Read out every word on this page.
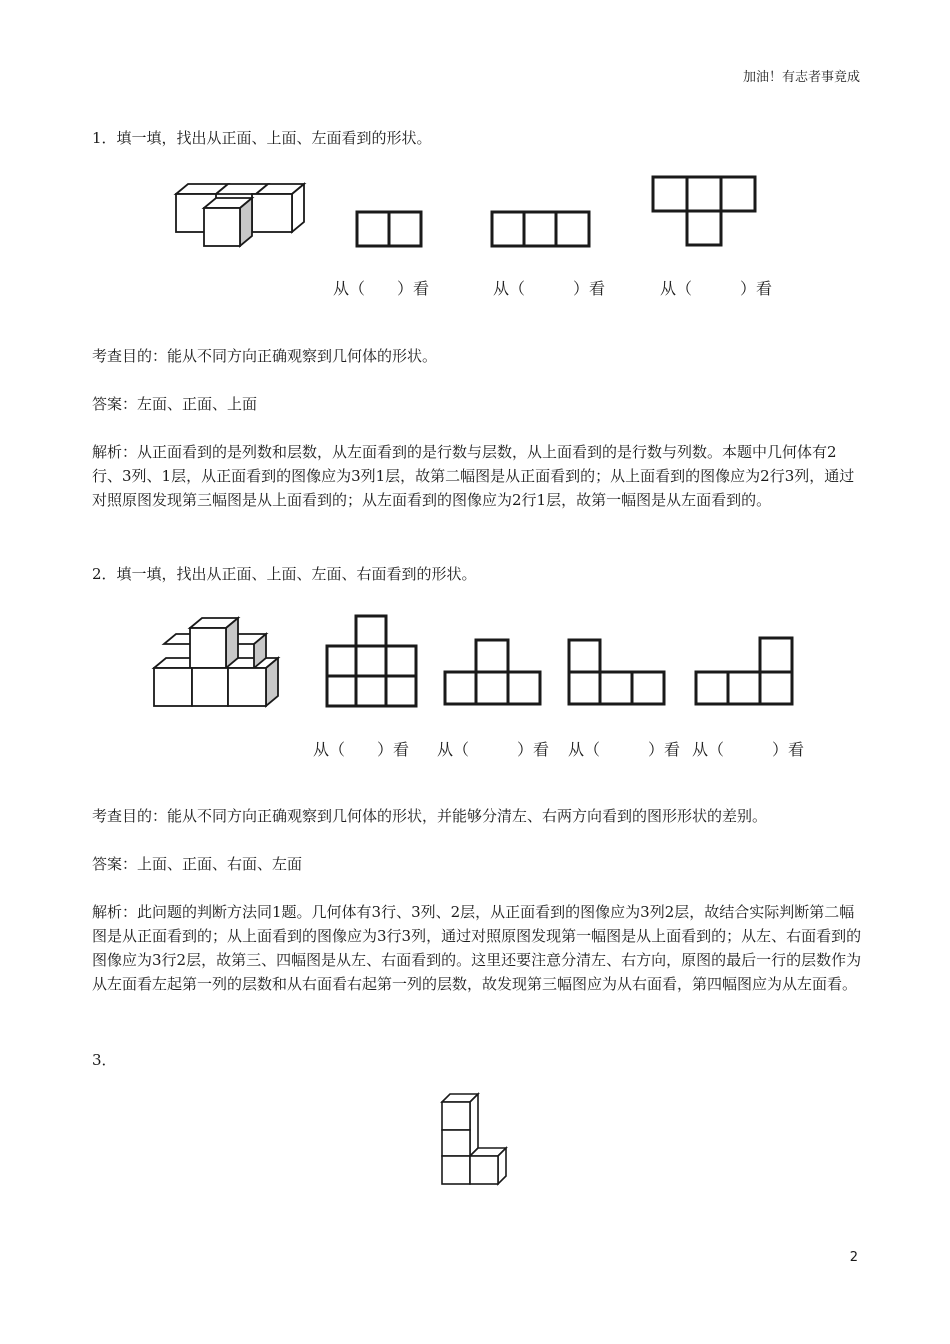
加油！有志者事竟成
1．填一填，找出从正面、上面、左面看到的形状。
从（　　）看	从（　　　）看	从（　　　）看
考查目的：能从不同方向正确观察到几何体的形状。
答案：左面、正面、上面
解析：从正面看到的是列数和层数，从左面看到的是行数与层数，从上面看到的是行数与列数。本题中几何体有2行、3列、1层，从正面看到的图像应为3列1层，故第二幅图是从正面看到的；从上面看到的图像应为2行3列，通过对照原图发现第三幅图是从上面看到的；从左面看到的图像应为2行1层，故第一幅图是从左面看到的。
2．填一填，找出从正面、上面、左面、右面看到的形状。
从（　　）看 从（　　　）看 从（　　　）看 从（　　　）看
考查目的：能从不同方向正确观察到几何体的形状，并能够分清左、右两方向看到的图形形状的差别。
答案：上面、正面、右面、左面
解析：此问题的判断方法同1题。几何体有3行、3列、2层，从正面看到的图像应为3列2层，故结合实际判断第二幅图是从正面看到的；从上面看到的图像应为3行3列，通过对照原图发现第一幅图是从上面看到的；从左、右面看到的图像应为3行2层，故第三、四幅图是从左、右面看到的。这里还要注意分清左、右方向，原图的最后一行的层数作为从左面看左起第一列的层数和从右面看右起第一列的层数，故发现第三幅图应为从右面看，第四幅图应为从左面看。
3．
2
